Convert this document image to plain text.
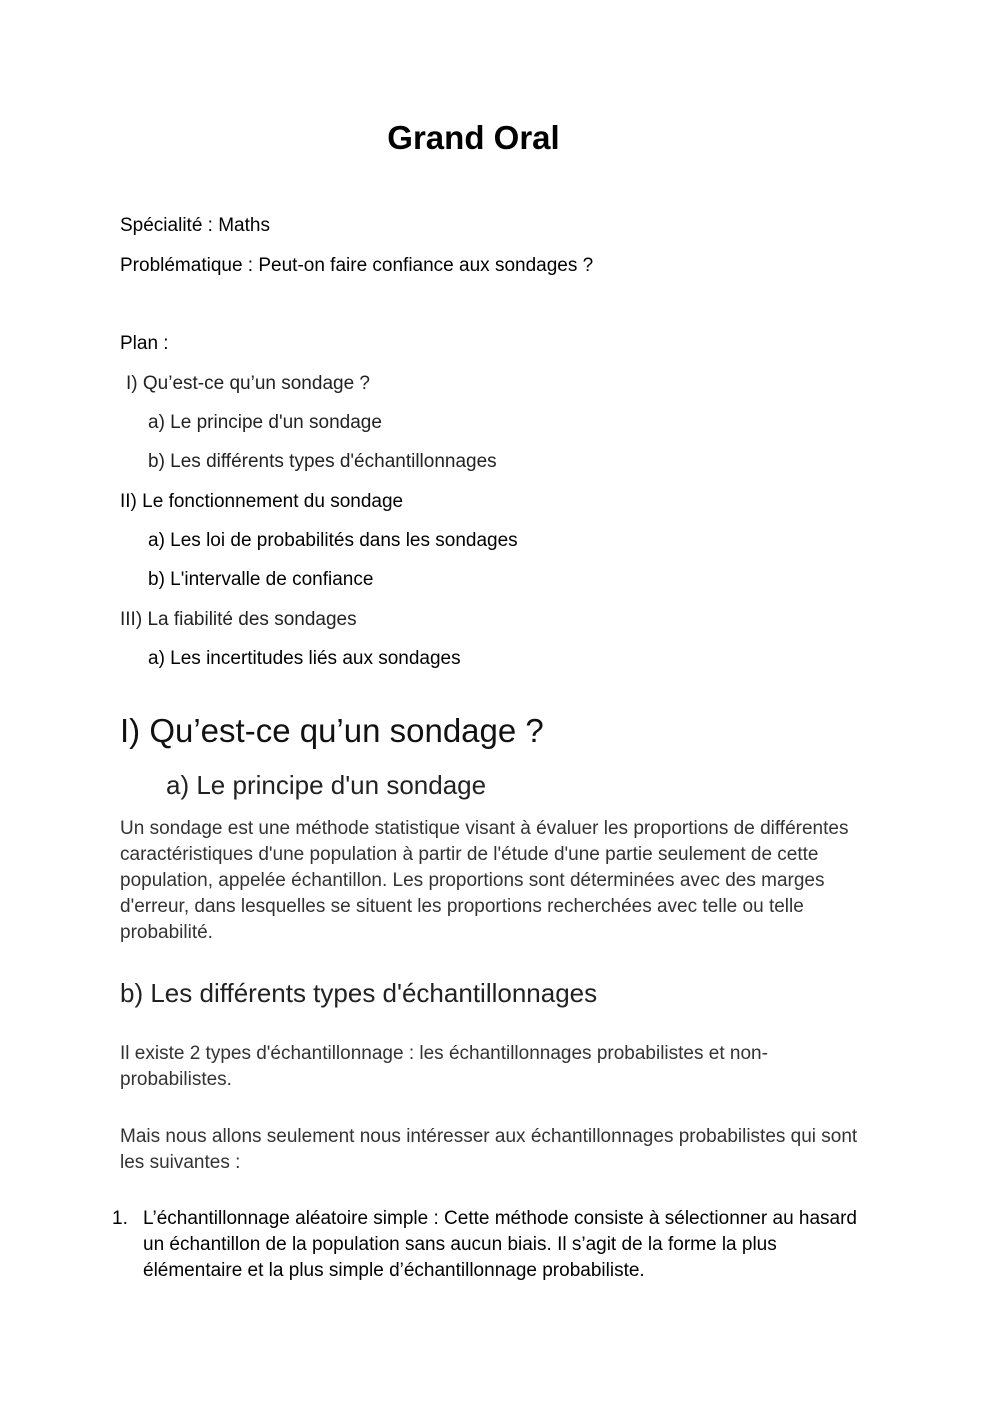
Grand Oral
Spécialité : Maths
Problématique : Peut-on faire confiance aux sondages ?
Plan :
I) Qu’est-ce qu’un sondage ?
a) Le principe d'un sondage
b) Les différents types d'échantillonnages
II) Le fonctionnement du sondage
a) Les loi de probabilités dans les sondages
b) L'intervalle de confiance
III) La fiabilité des sondages
a) Les incertitudes liés aux sondages
I) Qu’est-ce qu’un sondage ?
a) Le principe d'un sondage
Un sondage est une méthode statistique visant à évaluer les proportions de différentes caractéristiques d'une population à partir de l'étude d'une partie seulement de cette population, appelée échantillon. Les proportions sont déterminées avec des marges d'erreur, dans lesquelles se situent les proportions recherchées avec telle ou telle probabilité.
b) Les différents types d'échantillonnages
Il existe 2 types d'échantillonnage : les échantillonnages probabilistes et non-probabilistes.
Mais nous allons seulement nous intéresser aux échantillonnages probabilistes qui sont les suivantes :
1. L’échantillonnage aléatoire simple : Cette méthode consiste à sélectionner au hasard un échantillon de la population sans aucun biais. Il s’agit de la forme la plus élémentaire et la plus simple d’échantillonnage probabiliste.
